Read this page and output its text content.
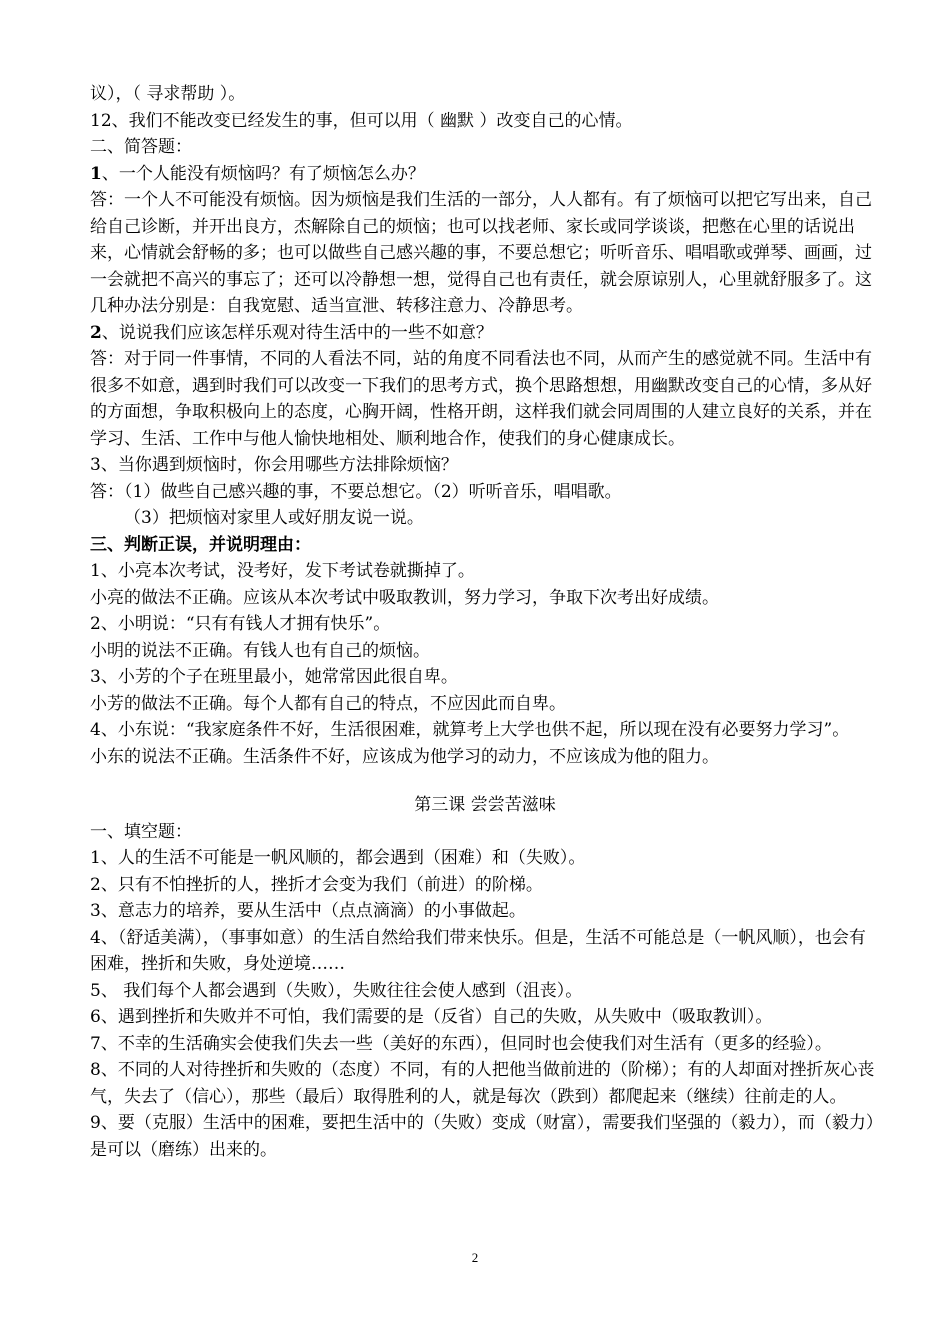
议），（ 寻求帮助 ）。

12、我们不能改变已经发生的事，但可以用（ 幽默 ）改变自己的心情。

二、简答题：

1、一个人能没有烦恼吗？有了烦恼怎么办？

答：一个人不可能没有烦恼。因为烦恼是我们生活的一部分，人人都有。有了烦恼可以把它写出来，自己给自己诊断，并开出良方，杰解除自己的烦恼；也可以找老师、家长或同学谈谈，把憋在心里的话说出来，心情就会舒畅的多；也可以做些自己感兴趣的事，不要总想它；听听音乐、唱唱歌或弹琴、画画，过一会就把不高兴的事忘了；还可以冷静想一想，觉得自己也有责任，就会原谅别人，心里就舒服多了。这几种办法分别是：自我宽慰、适当宣泄、转移注意力、冷静思考。

2、说说我们应该怎样乐观对待生活中的一些不如意？

答：对于同一件事情，不同的人看法不同，站的角度不同看法也不同，从而产生的感觉就不同。生活中有很多不如意，遇到时我们可以改变一下我们的思考方式，换个思路想想，用幽默改变自己的心情，多从好的方面想，争取积极向上的态度，心胸开阔，性格开朗，这样我们就会同周围的人建立良好的关系，并在学习、生活、工作中与他人愉快地相处、顺利地合作，使我们的身心健康成长。

3、当你遇到烦恼时，你会用哪些方法排除烦恼？

答：（1）做些自己感兴趣的事，不要总想它。（2）听听音乐，唱唱歌。

（3）把烦恼对家里人或好朋友说一说。

三、判断正误，并说明理由：

1、小亮本次考试，没考好，发下考试卷就撕掉了。

小亮的做法不正确。应该从本次考试中吸取教训，努力学习，争取下次考出好成绩。

2、小明说：“只有有钱人才拥有快乐”。

小明的说法不正确。有钱人也有自己的烦恼。

3、小芳的个子在班里最小，她常常因此很自卑。

小芳的做法不正确。每个人都有自己的特点，不应因此而自卑。

4、小东说：“我家庭条件不好，生活很困难，就算考上大学也供不起，所以现在没有必要努力学习”。

小东的说法不正确。生活条件不好，应该成为他学习的动力，不应该成为他的阻力。

第三课 尝尝苦滋味

一、填空题：

1、人的生活不可能是一帆风顺的，都会遇到（困难）和（失败）。

2、只有不怕挫折的人，挫折才会变为我们（前进）的阶梯。

3、意志力的培养，要从生活中（点点滴滴）的小事做起。

4、（舒适美满），（事事如意）的生活自然给我们带来快乐。但是，生活不可能总是（一帆风顺），也会有困难，挫折和失败，身处逆境……

5、 我们每个人都会遇到（失败），失败往往会使人感到（沮丧）。

6、遇到挫折和失败并不可怕，我们需要的是（反省）自己的失败，从失败中（吸取教训）。

7、不幸的生活确实会使我们失去一些（美好的东西），但同时也会使我们对生活有（更多的经验）。

8、不同的人对待挫折和失败的（态度）不同，有的人把他当做前进的（阶梯）；有的人却面对挫折灰心丧气，失去了（信心），那些（最后）取得胜利的人，就是每次（跌到）都爬起来（继续）往前走的人。

9、要（克服）生活中的困难，要把生活中的（失败）变成（财富），需要我们坚强的（毅力），而（毅力）是可以（磨练）出来的。

2
